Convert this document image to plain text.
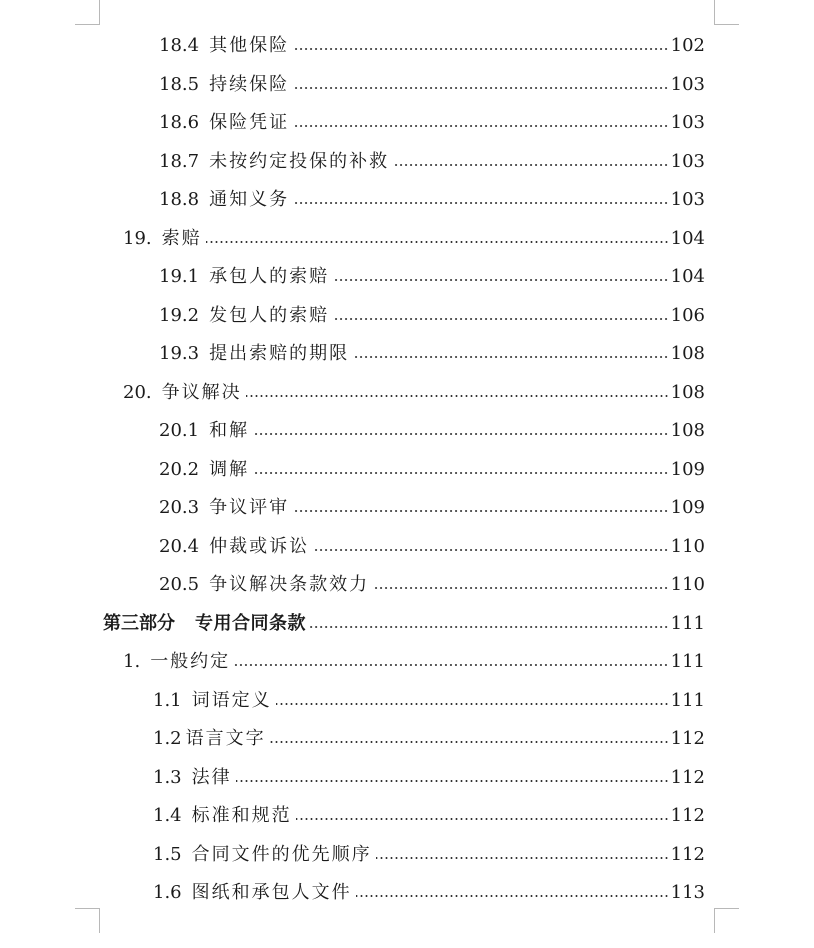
18.4 其他保险	102
18.5 持续保险	103
18.6 保险凭证	103
18.7 未按约定投保的补救	103
18.8 通知义务	103
19. 索赔	104
19.1 承包人的索赔	104
19.2 发包人的索赔	106
19.3 提出索赔的期限	108
20. 争议解决	108
20.1 和解	108
20.2 调解	109
20.3 争议评审	109
20.4 仲裁或诉讼	110
20.5 争议解决条款效力	110
第三部分 专用合同条款	111
1. 一般约定	111
1.1 词语定义	111
1.2 语言文字	112
1.3 法律	112
1.4 标准和规范	112
1.5 合同文件的优先顺序	112
1.6 图纸和承包人文件	113
